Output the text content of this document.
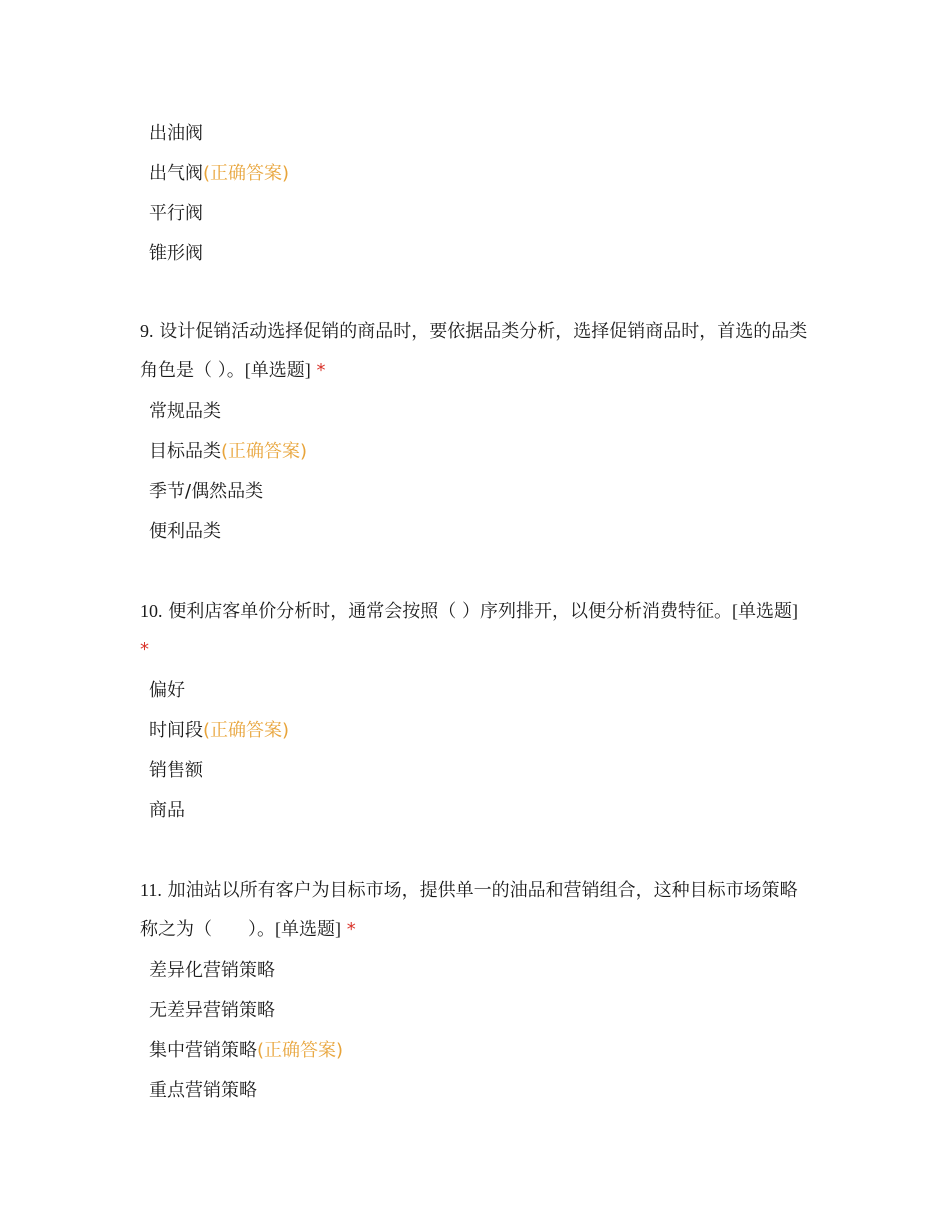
出油阀
出气阀(正确答案)
平行阀
锥形阀

9. 设计促销活动选择促销的商品时，要依据品类分析，选择促销商品时，首选的品类角色是（ ）。[单选题] *

常规品类
目标品类(正确答案)
季节/偶然品类
便利品类

10. 便利店客单价分析时，通常会按照（ ）序列排开，以便分析消费特征。[单选题] *

偏好
时间段(正确答案)
销售额
商品

11. 加油站以所有客户为目标市场，提供单一的油品和营销组合，这种目标市场策略称之为（　　）。[单选题] *

差异化营销策略
无差异营销策略
集中营销策略(正确答案)
重点营销策略
